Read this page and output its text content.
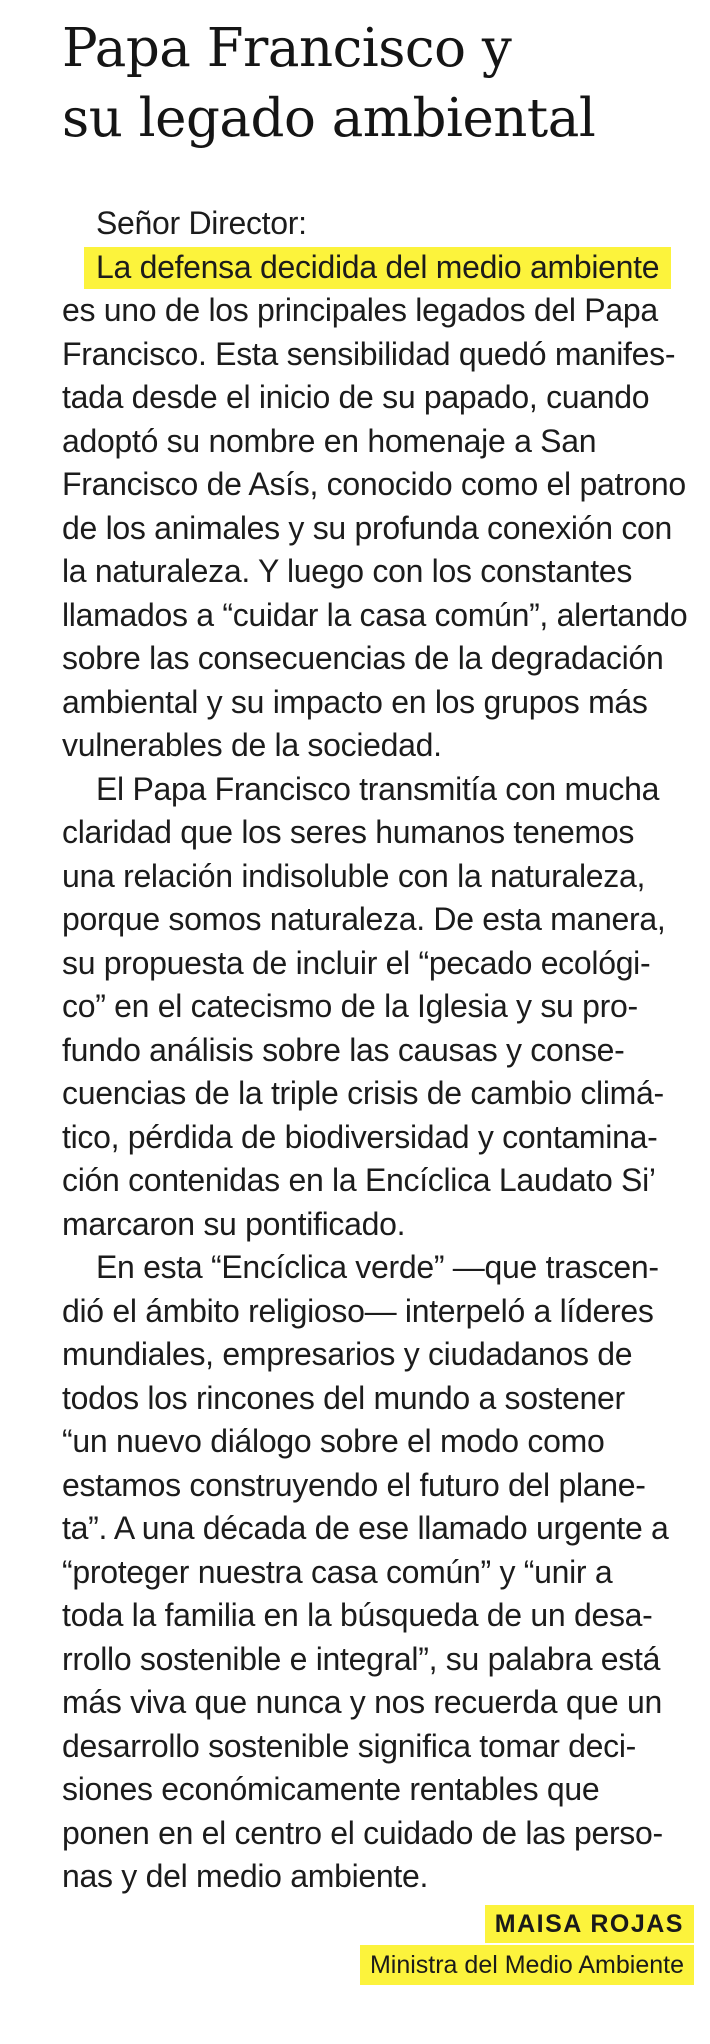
Papa Francisco y
su legado ambiental
Señor Director:
La defensa decidida del medio ambiente
es uno de los principales legados del Papa
Francisco. Esta sensibilidad quedó manifes-
tada desde el inicio de su papado, cuando
adoptó su nombre en homenaje a San
Francisco de Asís, conocido como el patrono
de los animales y su profunda conexión con
la naturaleza. Y luego con los constantes
llamados a “cuidar la casa común”, alertando
sobre las consecuencias de la degradación
ambiental y su impacto en los grupos más
vulnerables de la sociedad.
El Papa Francisco transmitía con mucha
claridad que los seres humanos tenemos
una relación indisoluble con la naturaleza,
porque somos naturaleza. De esta manera,
su propuesta de incluir el “pecado ecológi-
co” en el catecismo de la Iglesia y su pro-
fundo análisis sobre las causas y conse-
cuencias de la triple crisis de cambio climá-
tico, pérdida de biodiversidad y contamina-
ción contenidas en la Encíclica Laudato Si’
marcaron su pontificado.
En esta “Encíclica verde” —que trascen-
dió el ámbito religioso— interpeló a líderes
mundiales, empresarios y ciudadanos de
todos los rincones del mundo a sostener
“un nuevo diálogo sobre el modo como
estamos construyendo el futuro del plane-
ta”. A una década de ese llamado urgente a
“proteger nuestra casa común” y “unir a
toda la familia en la búsqueda de un desa-
rrollo sostenible e integral”, su palabra está
más viva que nunca y nos recuerda que un
desarrollo sostenible significa tomar deci-
siones económicamente rentables que
ponen en el centro el cuidado de las perso-
nas y del medio ambiente.
MAISA ROJAS
Ministra del Medio Ambiente
